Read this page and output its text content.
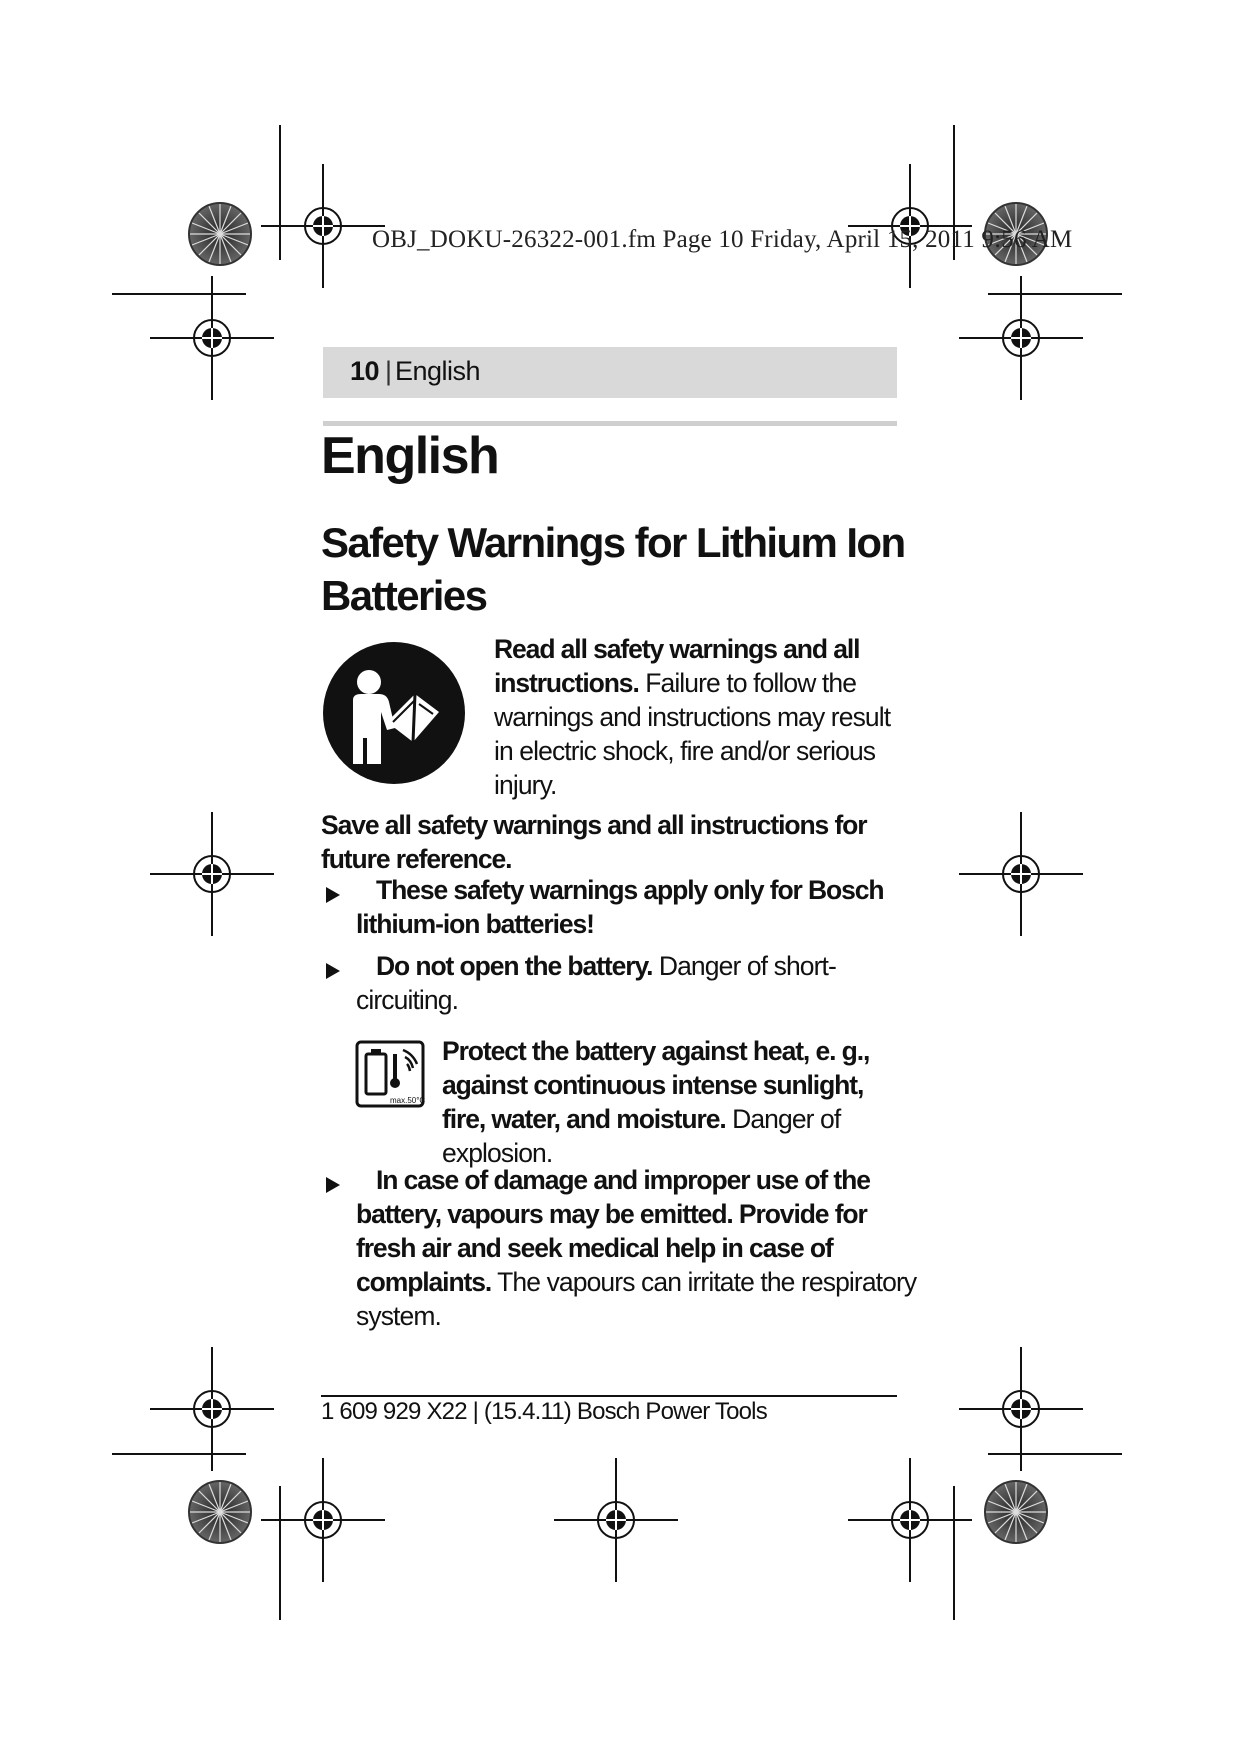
OBJ_DOKU-26322-001.fm Page 10 Friday, April 15, 2011 9:56 AM
10 | English
English
Safety Warnings for Lithium Ion Batteries
Read all safety warnings and all instructions. Failure to follow the warnings and instructions may result in electric shock, fire and/or serious injury.
Save all safety warnings and all instructions for future reference.
These safety warnings apply only for Bosch lithium-ion batteries!
Do not open the battery. Danger of short-circuiting.
max.50°C
Protect the battery against heat, e. g., against continuous intense sunlight, fire, water, and moisture. Danger of explosion.
In case of damage and improper use of the battery, vapours may be emitted. Provide for fresh air and seek medical help in case of complaints. The vapours can irritate the respiratory system.
1 609 929 X22 | (15.4.11) Bosch Power Tools
